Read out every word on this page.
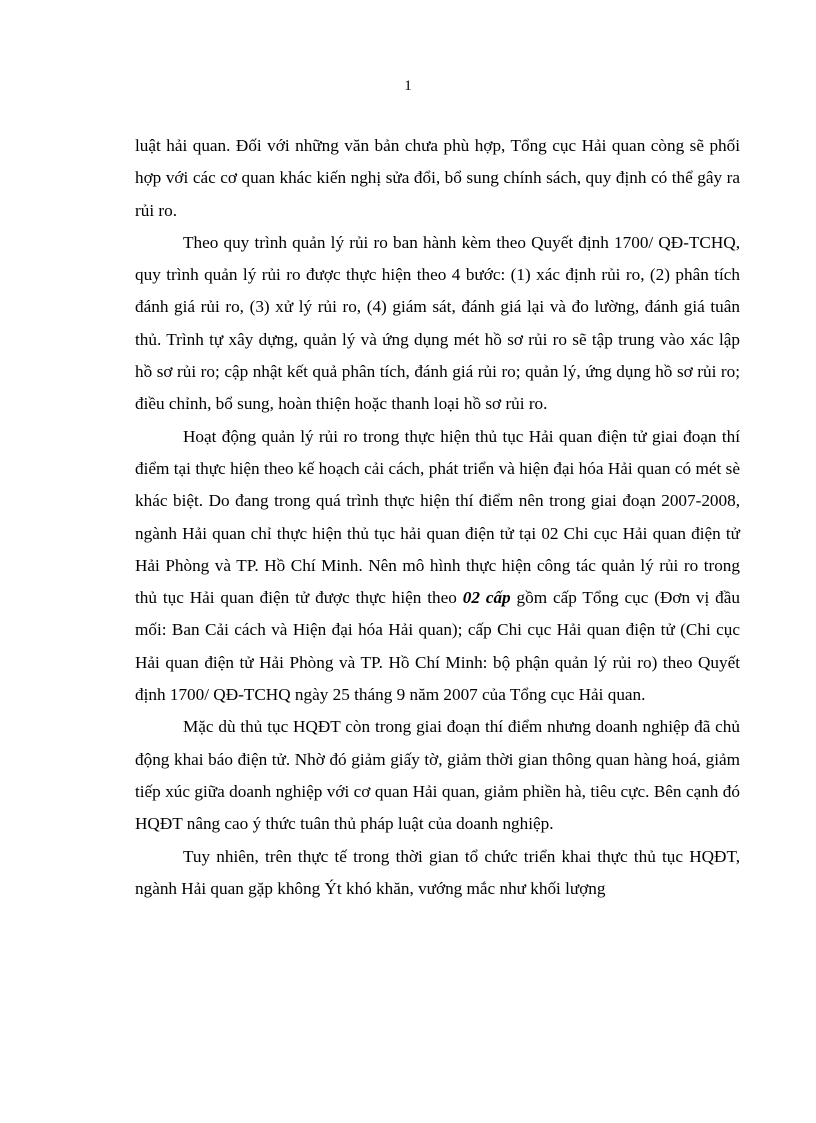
1

luật hải quan. Đối với những văn bản chưa phù hợp, Tổng cục Hải quan còng sẽ phối hợp với các cơ quan khác kiến nghị sửa đổi, bổ sung chính sách, quy định có thể gây ra rủi ro.

Theo quy trình quản lý rủi ro ban hành kèm theo Quyết định 1700/ QĐ-TCHQ, quy trình quản lý rủi ro được thực hiện theo 4 bước: (1) xác định rủi ro, (2) phân tích đánh giá rủi ro, (3) xử lý rủi ro, (4) giám sát, đánh giá lại và đo lường, đánh giá tuân thủ. Trình tự xây dựng, quản lý và ứng dụng mét hồ sơ rủi ro sẽ tập trung vào xác lập hồ sơ rủi ro; cập nhật kết quả phân tích, đánh giá rủi ro; quản lý, ứng dụng hồ sơ rủi ro; điều chỉnh, bổ sung, hoàn thiện hoặc thanh loại hồ sơ rủi ro.

Hoạt động quản lý rủi ro trong thực hiện thủ tục Hải quan điện tử giai đoạn thí điểm tại thực hiện theo kế hoạch cải cách, phát triển và hiện đại hóa Hải quan có mét sè khác biệt. Do đang trong quá trình thực hiện thí điểm nên trong giai đoạn 2007-2008, ngành Hải quan chỉ thực hiện thủ tục hải quan điện tử tại 02 Chi cục Hải quan điện tử Hải Phòng và TP. Hồ Chí Minh. Nên mô hình thực hiện công tác quản lý rủi ro trong thủ tục Hải quan điện tử được thực hiện theo 02 cấp gồm cấp Tổng cục (Đơn vị đầu mối: Ban Cải cách và Hiện đại hóa Hải quan); cấp Chi cục Hải quan điện tử (Chi cục Hải quan điện tử Hải Phòng và TP. Hồ Chí Minh: bộ phận quản lý rủi ro) theo Quyết định 1700/ QĐ-TCHQ ngày 25 tháng 9 năm 2007 của Tổng cục Hải quan.

Mặc dù thủ tục HQĐT còn trong giai đoạn thí điểm nhưng doanh nghiệp đã chủ động khai báo điện tử. Nhờ đó giảm giấy tờ, giảm thời gian thông quan hàng hoá, giảm tiếp xúc giữa doanh nghiệp với cơ quan Hải quan, giảm phiền hà, tiêu cực. Bên cạnh đó HQĐT nâng cao ý thức tuân thủ pháp luật của doanh nghiệp.

Tuy nhiên, trên thực tế trong thời gian tổ chức triển khai thực thủ tục HQĐT, ngành Hải quan gặp không Ýt khó khăn, vướng mắc như khối lượng
